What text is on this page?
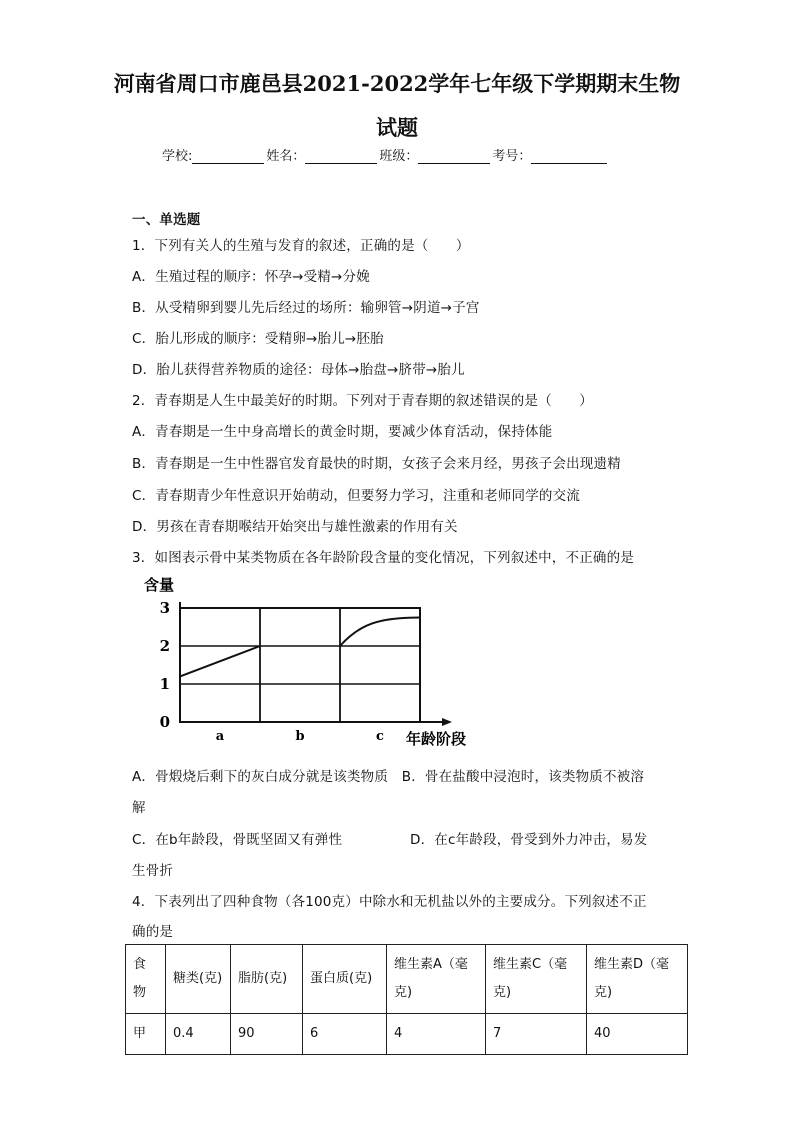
河南省周口市鹿邑县2021-2022学年七年级下学期期末生物
试题
学校:	姓名：	班级：	考号：
一、单选题
1．下列有关人的生殖与发育的叙述，正确的是（　　）
A．生殖过程的顺序：怀孕→受精→分娩
B．从受精卵到婴儿先后经过的场所：输卵管→阴道→子宫
C．胎儿形成的顺序：受精卵→胎儿→胚胎
D．胎儿获得营养物质的途径：母体→胎盘→脐带→胎儿
2．青春期是人生中最美好的时期。下列对于青春期的叙述错误的是（　　）
A．青春期是一生中身高增长的黄金时期，要减少体育活动，保持体能
B．青春期是一生中性器官发育最快的时期，女孩子会来月经，男孩子会出现遗精
C．青春期青少年性意识开始萌动，但要努力学习，注重和老师同学的交流
D．男孩在青春期喉结开始突出与雄性激素的作用有关
3．如图表示骨中某类物质在各年龄阶段含量的变化情况，下列叙述中，不正确的是
0
1
2
3
a	b	c
含量
年龄阶段
A．骨煅烧后剩下的灰白成分就是该类物质　B．骨在盐酸中浸泡时，该类物质不被溶
解
C．在b年龄段，骨既坚固又有弹性	D．在c年龄段，骨受到外力冲击，易发
生骨折
4．下表列出了四种食物（各100克）中除水和无机盐以外的主要成分。下列叙述不正
确的是
食
物	糖类(克)	脂肪(克)	蛋白质(克)	维生素A（毫
克)	维生素C（毫
克)	维生素D（毫
克)
甲	0.4	90	6	4	7	40
